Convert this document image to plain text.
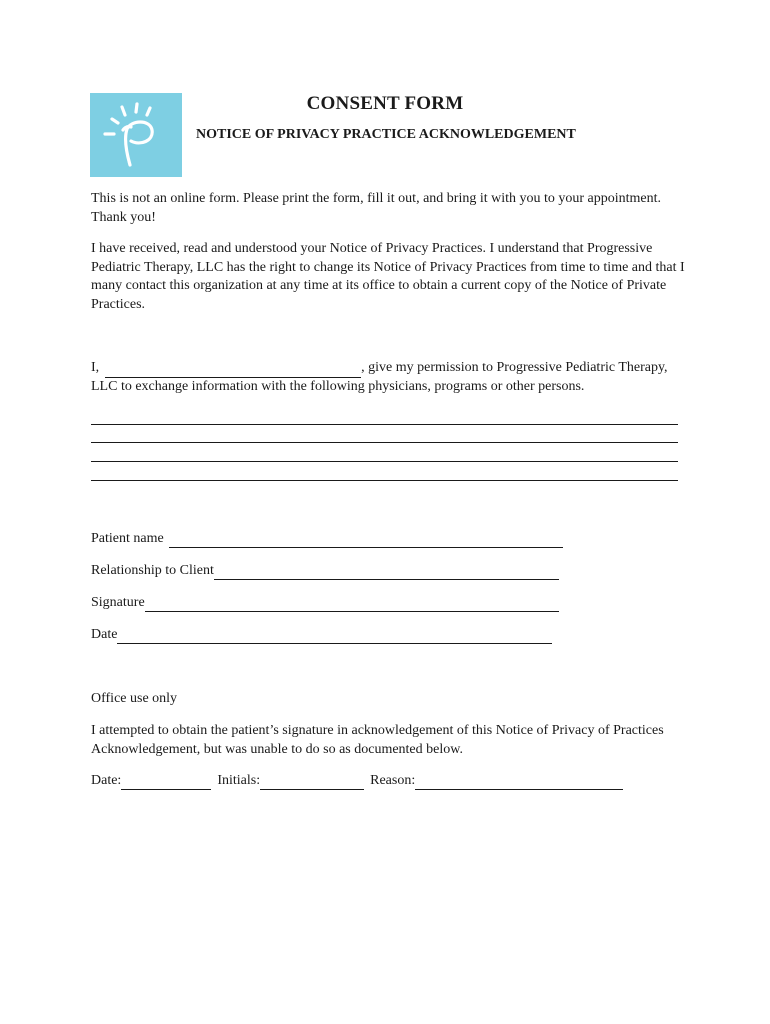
CONSENT FORM
NOTICE OF PRIVACY PRACTICE ACKNOWLEDGEMENT
This is not an online form. Please print the form, fill it out, and bring it with you to your appointment.
Thank you!
I have received, read and understood your Notice of Privacy Practices. I understand that Progressive
Pediatric Therapy, LLC has the right to change its Notice of Privacy Practices from time to time and that I
many contact this organization at any time at its office to obtain a current copy of the Notice of Private
Practices.
I,	, give my permission to Progressive Pediatric Therapy,
LLC to exchange information with the following physicians, programs or other persons.
Patient name
Relationship to Client
Signature
Date
Office use only
I attempted to obtain the patient’s signature in acknowledgement of this Notice of Privacy of Practices
Acknowledgement, but was unable to do so as documented below.
Date:	Initials:	Reason:
